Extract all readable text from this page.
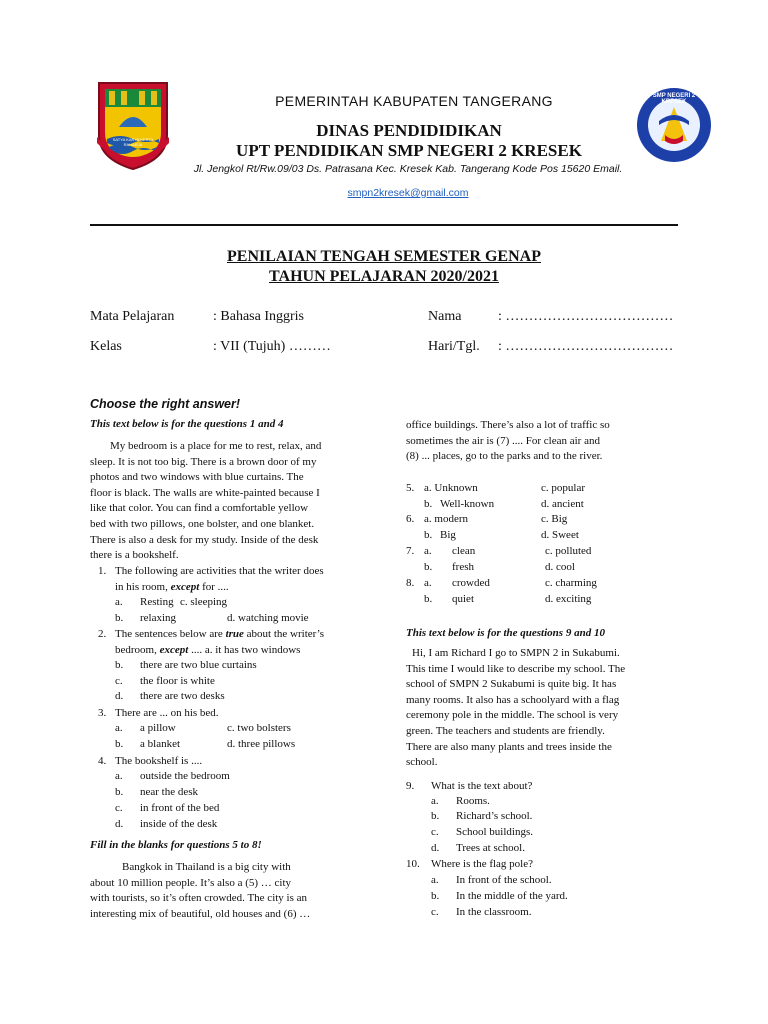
SATYA KARYA KERTA RAHARJA
SMP NEGERI 2 KRESEK
PEMERINTAH KABUPATEN TANGERANG
DINAS PENDIDIDIKAN
UPT PENDIDIKAN SMP NEGERI 2 KRESEK
Jl. Jengkol Rt/Rw.09/03 Ds. Patrasana Kec. Kresek Kab. Tangerang Kode Pos 15620 Email.
smpn2kresek@gmail.com
PENILAIAN TENGAH SEMESTER GENAP
TAHUN PELAJARAN 2020/2021
Mata Pelajaran	: Bahasa Inggris	Nama	: ………………………………
Kelas	: VII (Tujuh) ………	Hari/Tgl. : ………………………………
Choose the right answer!
This text below is for the questions 1 and 4
My bedroom is a place for me to rest, relax, and
sleep. It is not too big. There is a brown door of my
photos and two windows with blue curtains. The
floor is black. The walls are white-painted because I
like that color. You can find a comfortable yellow
bed with two pillows, one bolster, and one blanket.
There is also a desk for my study. Inside of the desk
there is a bookshelf.
1. The following are activities that the writer does
in his room, except for ....
a. Resting c. sleeping
b. relaxing	d. watching movie
2. The sentences below are true about the writer’s
bedroom, except .... a. it has two windows
b. there are two blue curtains
c. the floor is white
d. there are two desks
3. There are ... on his bed.
a. a pillow	c. two bolsters
b. a blanket	d. three pillows
4. The bookshelf is ....
a. outside the bedroom
b. near the desk
c. in front of the bed
d. inside of the desk
Fill in the blanks for questions 5 to 8!
Bangkok in Thailand is a big city with
about 10 million people. It’s also a (5) … city
with tourists, so it’s often crowded. The city is an
interesting mix of beautiful, old houses and (6) …
office buildings. There’s also a lot of traffic so
sometimes the air is (7) .... For clean air and
(8) ... places, go to the parks and to the river.
5. a. Unknown	c. popular
b. Well-known	d. ancient
6. a. modern	c. Big
b. Big	d. Sweet
7. a. clean	c. polluted
b. fresh	d. cool
8. a. crowded	c. charming
b. quiet	d. exciting
This text below is for the questions 9 and 10
Hi, I am Richard I go to SMPN 2 in Sukabumi.
This time I would like to describe my school. The
school of SMPN 2 Sukabumi is quite big. It has
many rooms. It also has a schoolyard with a flag
ceremony pole in the middle. The school is very
green. The teachers and students are friendly.
There are also many plants and trees inside the
school.
9. What is the text about?
a. Rooms.
b. Richard’s school.
c. School buildings.
d. Trees at school.
10. Where is the flag pole?
a. In front of the school.
b. In the middle of the yard.
c. In the classroom.
